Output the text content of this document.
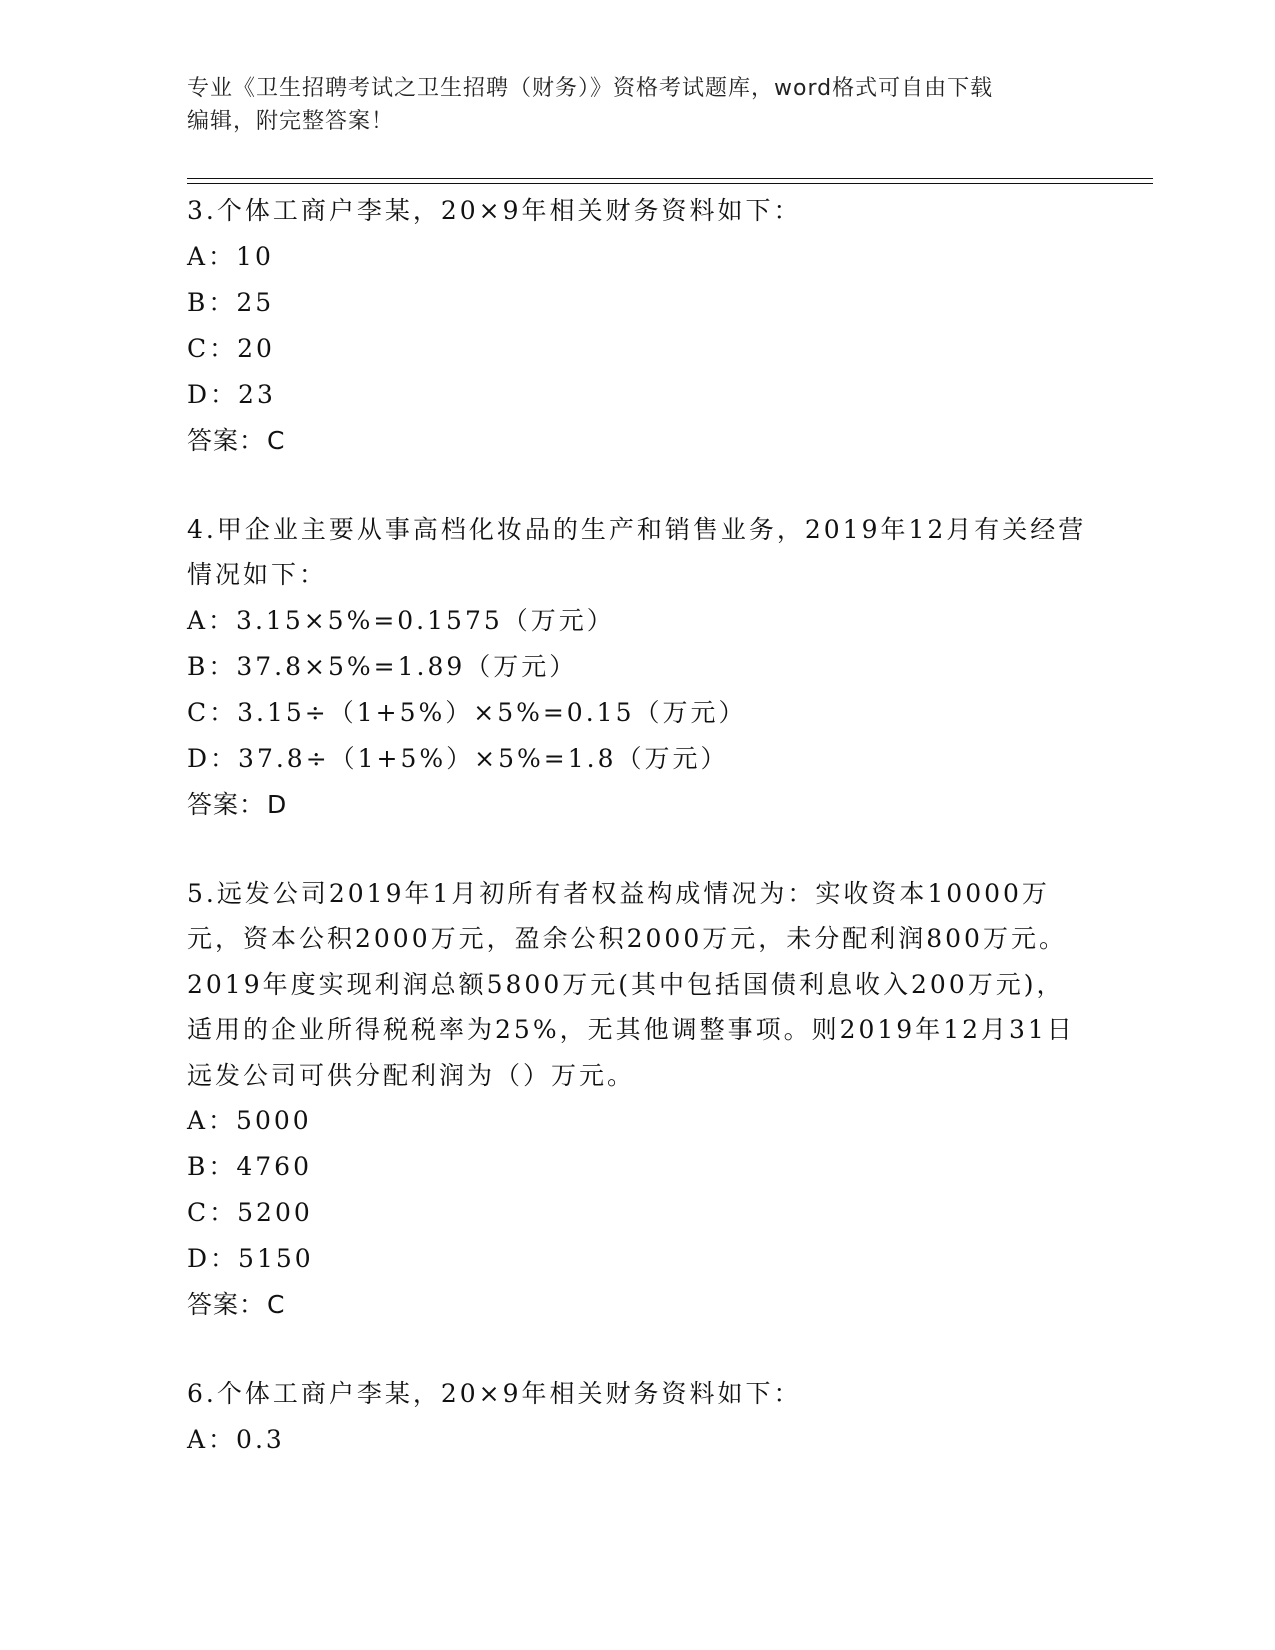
专业《卫生招聘考试之卫生招聘（财务）》资格考试题库，word格式可自由下载
编辑，附完整答案！
3.个体工商户李某，20×9年相关财务资料如下：
A：10
B：25
C：20
D：23
答案：C
4.甲企业主要从事高档化妆品的生产和销售业务，2019年12月有关经营情况如下：
A：3.15×5%=0.1575（万元）
B：37.8×5%=1.89（万元）
C：3.15÷（1+5%）×5%=0.15（万元）
D：37.8÷（1+5%）×5%=1.8（万元）
答案：D
5.远发公司2019年1月初所有者权益构成情况为：实收资本10000万元，资本公积2000万元，盈余公积2000万元，未分配利润800万元。2019年度实现利润总额5800万元(其中包括国债利息收入200万元)，适用的企业所得税税率为25%，无其他调整事项。则2019年12月31日远发公司可供分配利润为（）万元。
A：5000
B：4760
C：5200
D：5150
答案：C
6.个体工商户李某，20×9年相关财务资料如下：
A：0.3
